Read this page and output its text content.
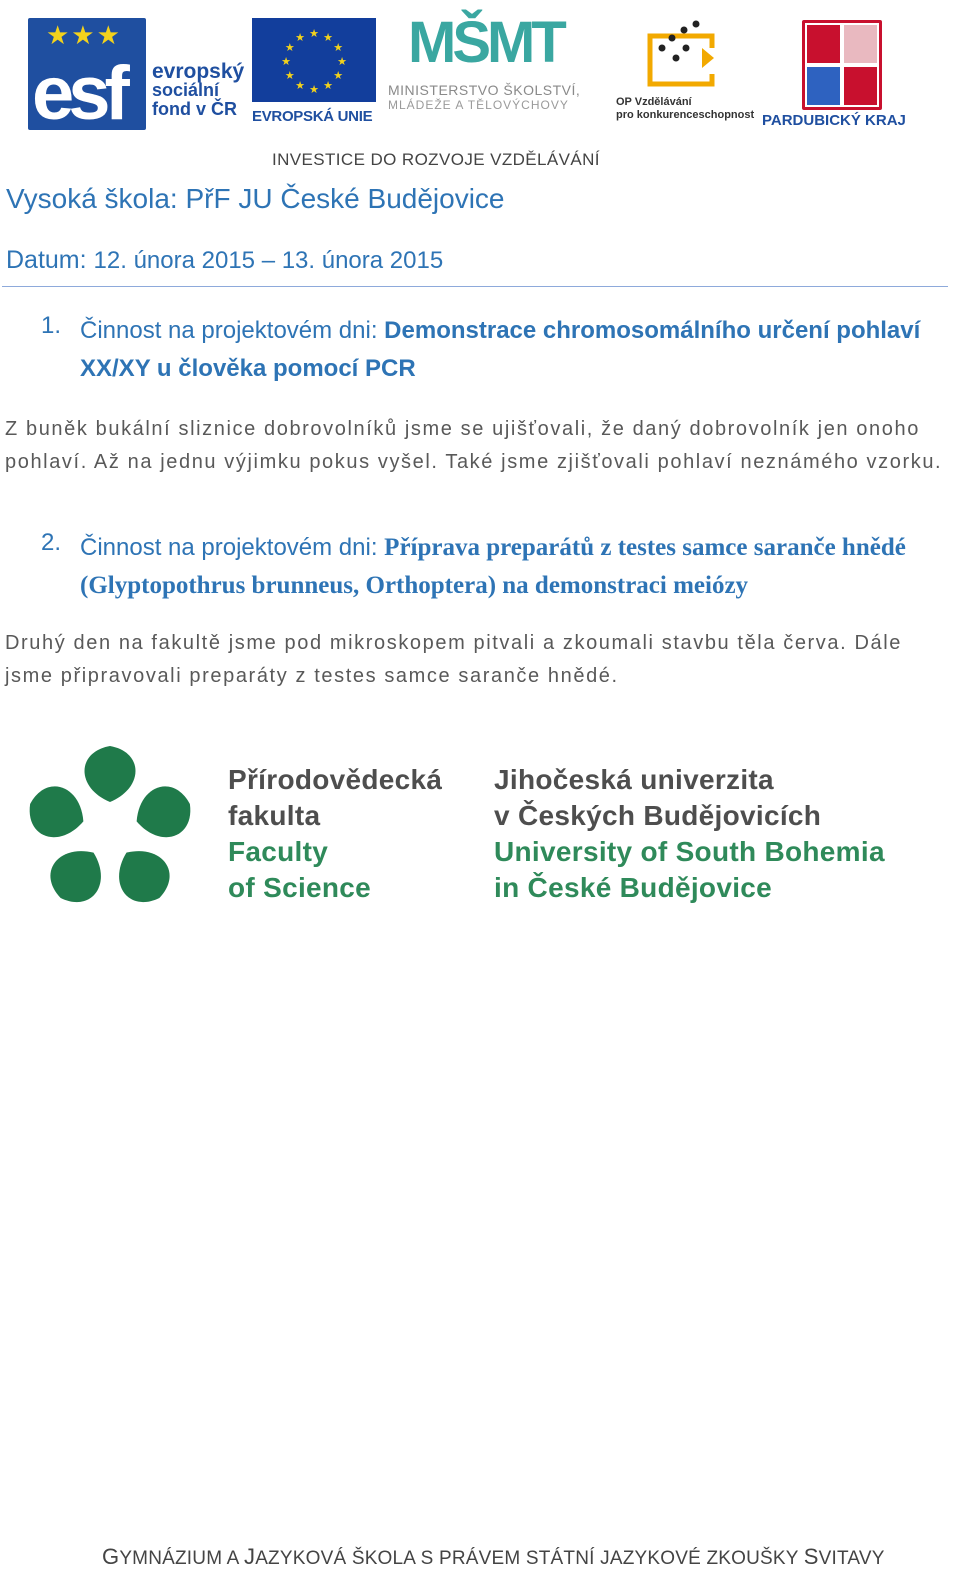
★★★
esf evropský
sociální
fond v ČR
★
★
★
★
★
★
★
★
★ ★ ★
★
EVROPSKÁ UNIE
MŠMT
MINISTERSTVO ŠKOLSTVÍ,
MLÁDEŽE A TĚLOVÝCHOVY	OP Vzdělávání
pro konkurenceschopnost PARDUBICKÝ KRAJ
INVESTICE DO ROZVOJE VZDĚLÁVÁNÍ
Vysoká škola: PřF JU České Budějovice
Datum: 12. února 2015 – 13. února 2015
1. Činnost na projektovém dni: Demonstrace chromosomálního určení pohlaví XX/XY u člověka pomocí PCR
Z buněk bukální sliznice dobrovolníků jsme se ujišťovali, že daný dobrovolník jen onoho pohlaví. Až na jednu výjimku pokus vyšel. Také jsme zjišťovali pohlaví neznámého vzorku.
2. Činnost na projektovém dni: Příprava preparátů z testes samce sarančе hnědé (Glyptopothrus brunneus, Orthoptera) na demonstraci meiózy
Druhý den na fakultě jsme pod mikroskopem pitvali a zkoumali stavbu těla červa. Dále jsme připravovali preparáty z testes samce saranče hnědé.
Přírodovědecká
fakulta
Faculty
of Science
Jihočeská univerzita
v Českých Budějovicích
University of South Bohemia
in České Budějovice
GYMNÁZIUM A JAZYKOVÁ ŠKOLA S PRÁVEM STÁTNÍ JAZYKOVÉ ZKOUŠKY SVITAVY
